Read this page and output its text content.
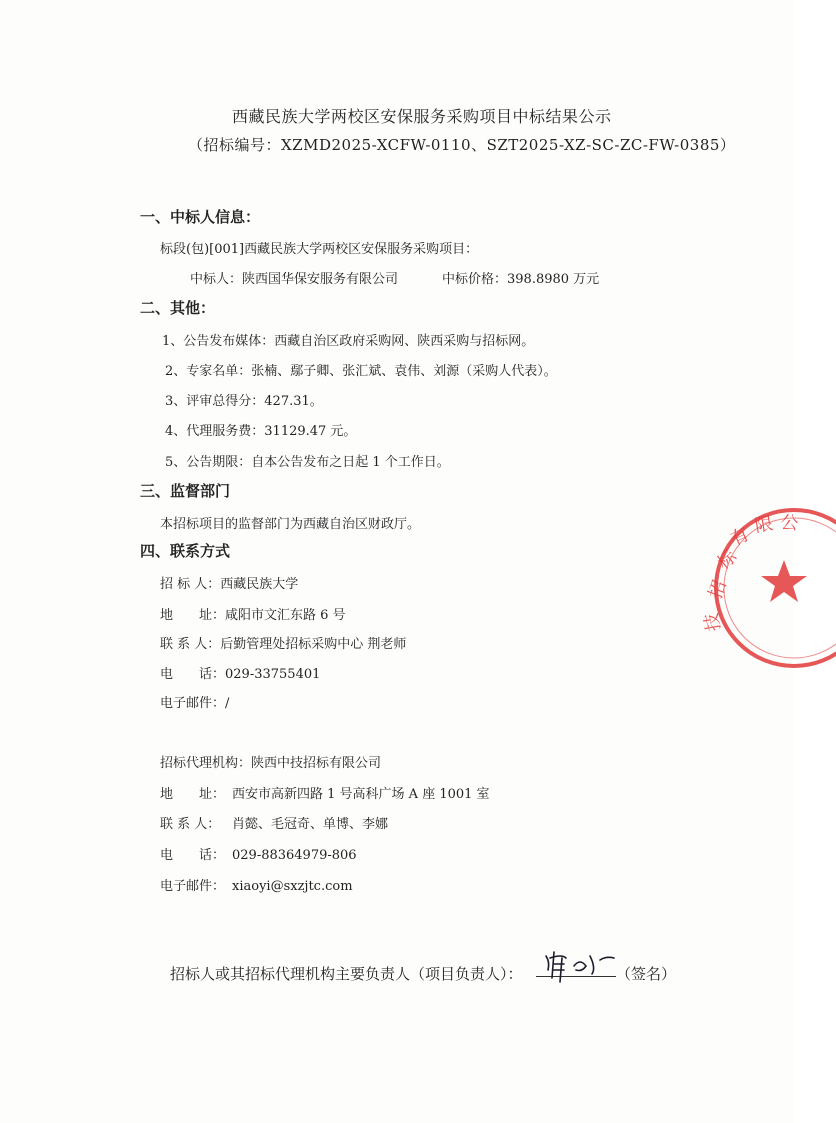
西藏民族大学两校区安保服务采购项目中标结果公示
（招标编号：XZMD2025-XCFW-0110、SZT2025-XZ-SC-ZC-FW-0385）
一、中标人信息：
标段(包)[001]西藏民族大学两校区安保服务采购项目：
中标人：陕西国华保安服务有限公司	中标价格：398.8980 万元
二、其他：
1、公告发布媒体：西藏自治区政府采购网、陕西采购与招标网。
2、专家名单：张楠、鄢子卿、张汇斌、袁伟、刘源（采购人代表）。
3、评审总得分：427.31。
4、代理服务费：31129.47 元。
5、公告期限：自本公告发布之日起 1 个工作日。
三、监督部门
本招标项目的监督部门为西藏自治区财政厅。
四、联系方式
招 标 人：西藏民族大学
地　　址：咸阳市文汇东路 6 号
联 系 人：后勤管理处招标采购中心 荆老师
电　　话：029-33755401
电子邮件：/
招标代理机构：陕西中技招标有限公司
地　　址： 西安市高新四路 1 号高科广场 A 座 1001 室
联 系 人： 肖懿、毛冠奇、单博、李娜
电　　话： 029-88364979-806
电子邮件： xiaoyi@sxzjtc.com
招标人或其招标代理机构主要负责人（项目负责人）：	（签名）
标
有 限 公
招
技
